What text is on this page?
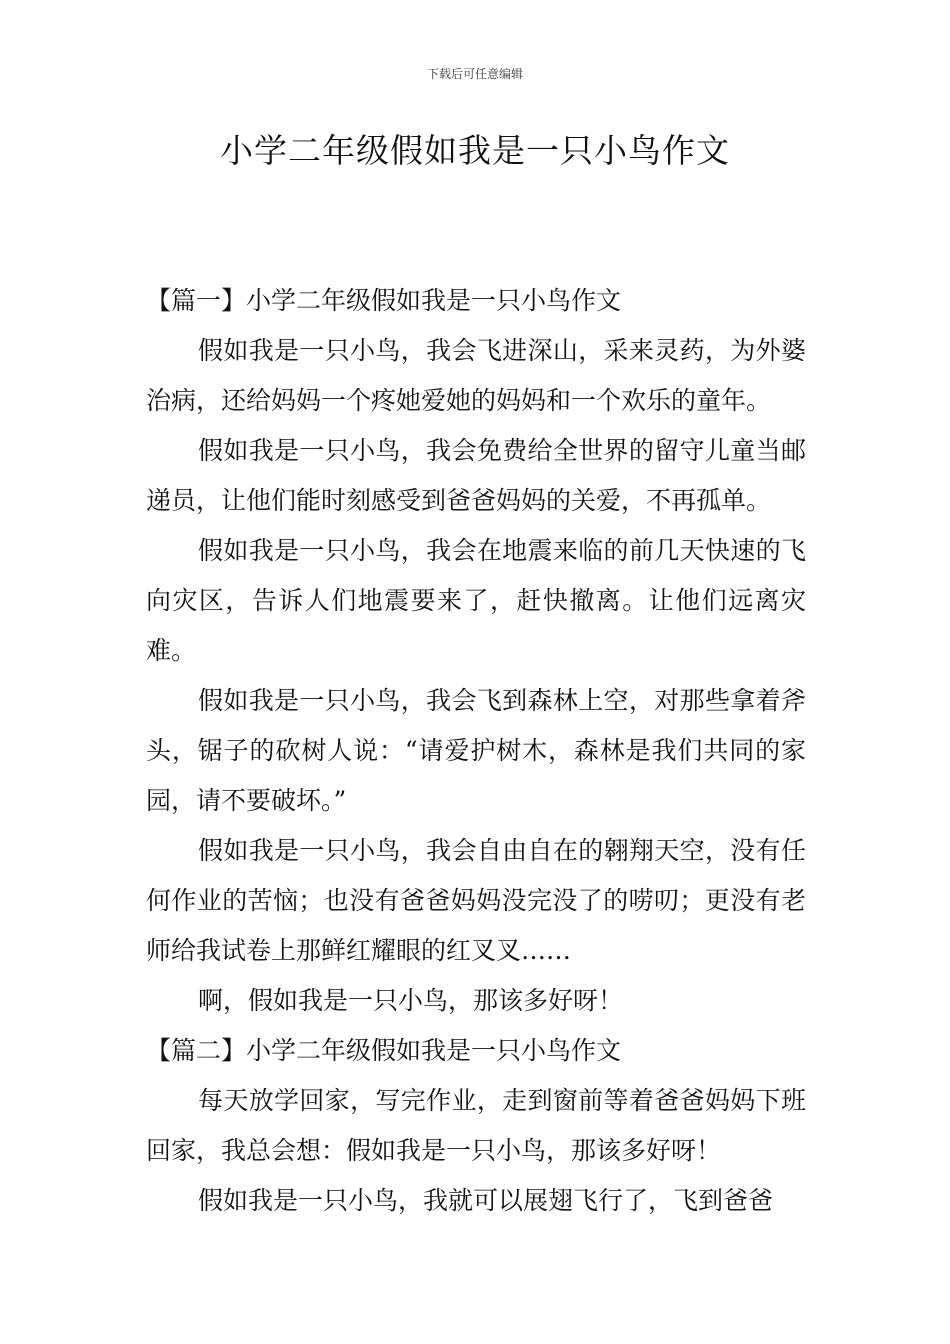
下载后可任意编辑
小学二年级假如我是一只小鸟作文

【篇一】小学二年级假如我是一只小鸟作文

假如我是一只小鸟，我会飞进深山，采来灵药，为外婆治病，还给妈妈一个疼她爱她的妈妈和一个欢乐的童年。

假如我是一只小鸟，我会免费给全世界的留守儿童当邮递员，让他们能时刻感受到爸爸妈妈的关爱，不再孤单。

假如我是一只小鸟，我会在地震来临的前几天快速的飞向灾区，告诉人们地震要来了，赶快撤离。让他们远离灾难。

假如我是一只小鸟，我会飞到森林上空，对那些拿着斧头，锯子的砍树人说：“请爱护树木，森林是我们共同的家园，请不要破坏。”

假如我是一只小鸟，我会自由自在的翱翔天空，没有任何作业的苦恼；也没有爸爸妈妈没完没了的唠叨；更没有老师给我试卷上那鲜红耀眼的红叉叉……

啊，假如我是一只小鸟，那该多好呀！

【篇二】小学二年级假如我是一只小鸟作文

每天放学回家，写完作业，走到窗前等着爸爸妈妈下班回家，我总会想：假如我是一只小鸟，那该多好呀！

假如我是一只小鸟，我就可以展翅飞行了，飞到爸爸
